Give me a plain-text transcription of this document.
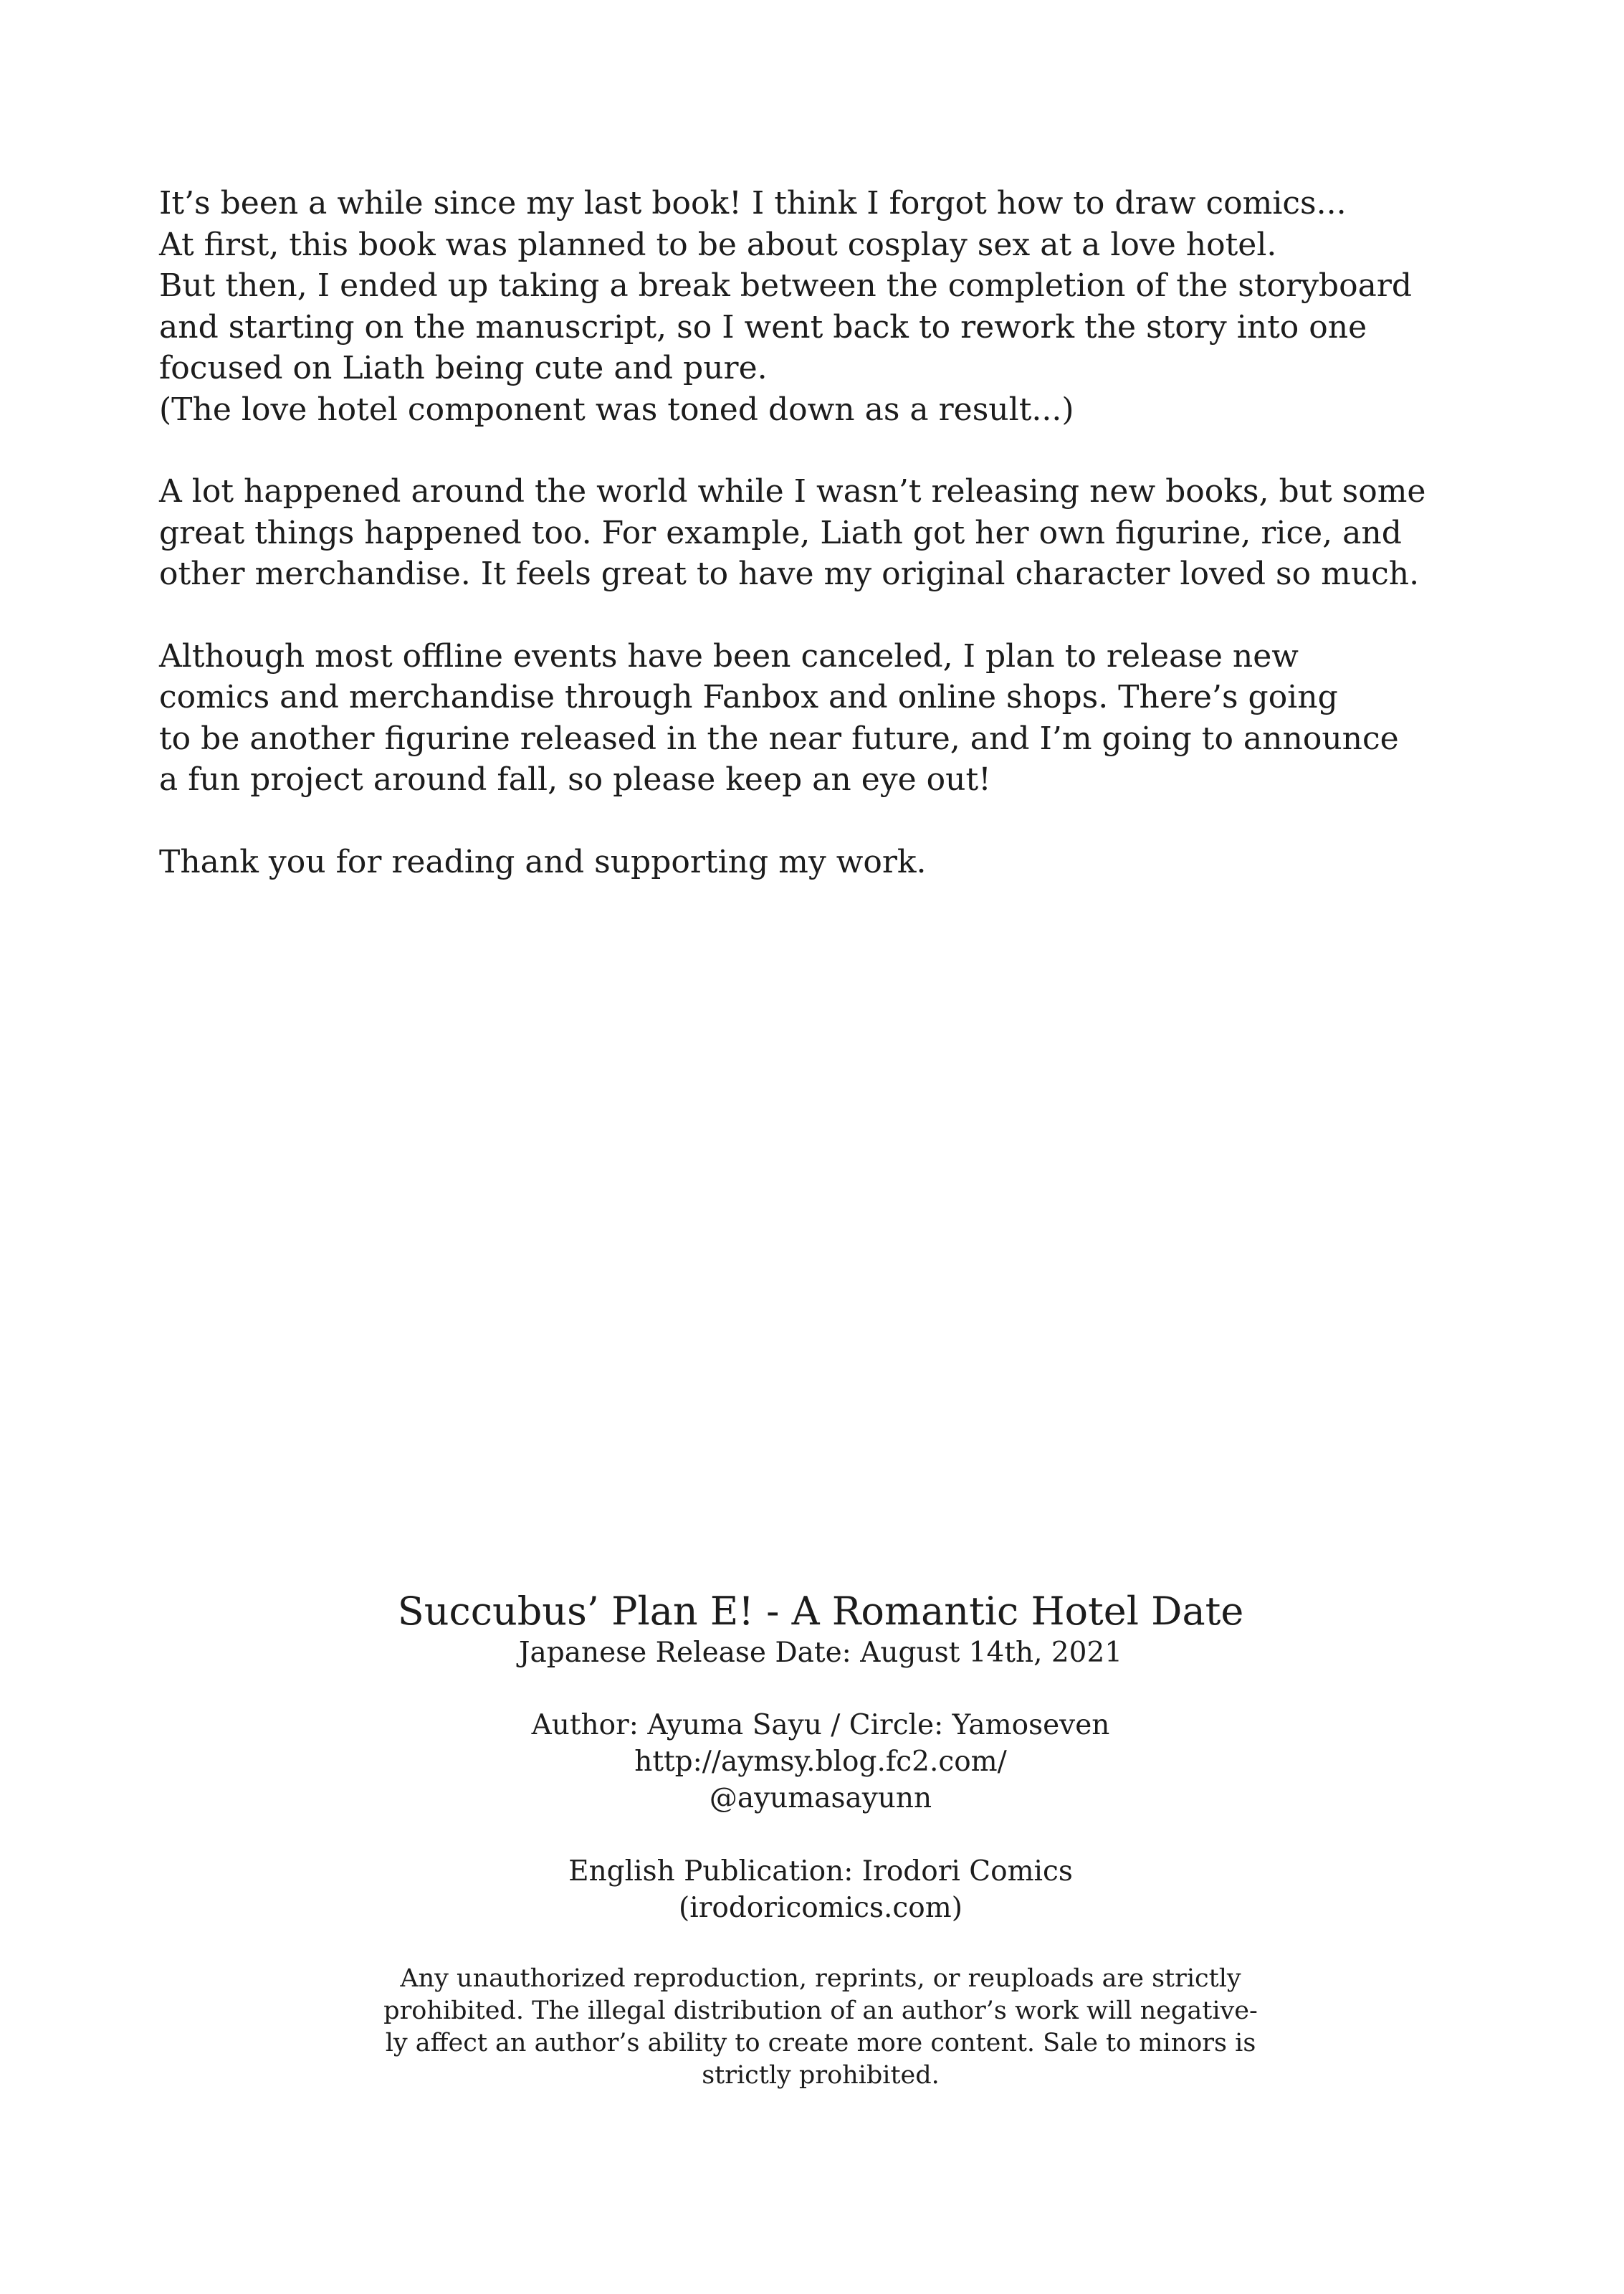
It’s been a while since my last book! I think I forgot how to draw comics...
At first, this book was planned to be about cosplay sex at a love hotel.
But then, I ended up taking a break between the completion of the storyboard
and starting on the manuscript, so I went back to rework the story into one
focused on Liath being cute and pure.
(The love hotel component was toned down as a result...)

A lot happened around the world while I wasn’t releasing new books, but some
great things happened too. For example, Liath got her own figurine, rice, and
other merchandise. It feels great to have my original character loved so much.

Although most offline events have been canceled, I plan to release new
comics and merchandise through Fanbox and online shops. There’s going
to be another figurine released in the near future, and I’m going to announce
a fun project around fall, so please keep an eye out!

Thank you for reading and supporting my work.

Succubus’ Plan E! - A Romantic Hotel Date

Japanese Release Date: August 14th, 2021

Author: Ayuma Sayu / Circle: Yamoseven
http://aymsy.blog.fc2.com/
@ayumasayunn

English Publication: Irodori Comics
(irodoricomics.com)

Any unauthorized reproduction, reprints, or reuploads are strictly
prohibited. The illegal distribution of an author’s work will negative-
ly affect an author’s ability to create more content. Sale to minors is
strictly prohibited.
